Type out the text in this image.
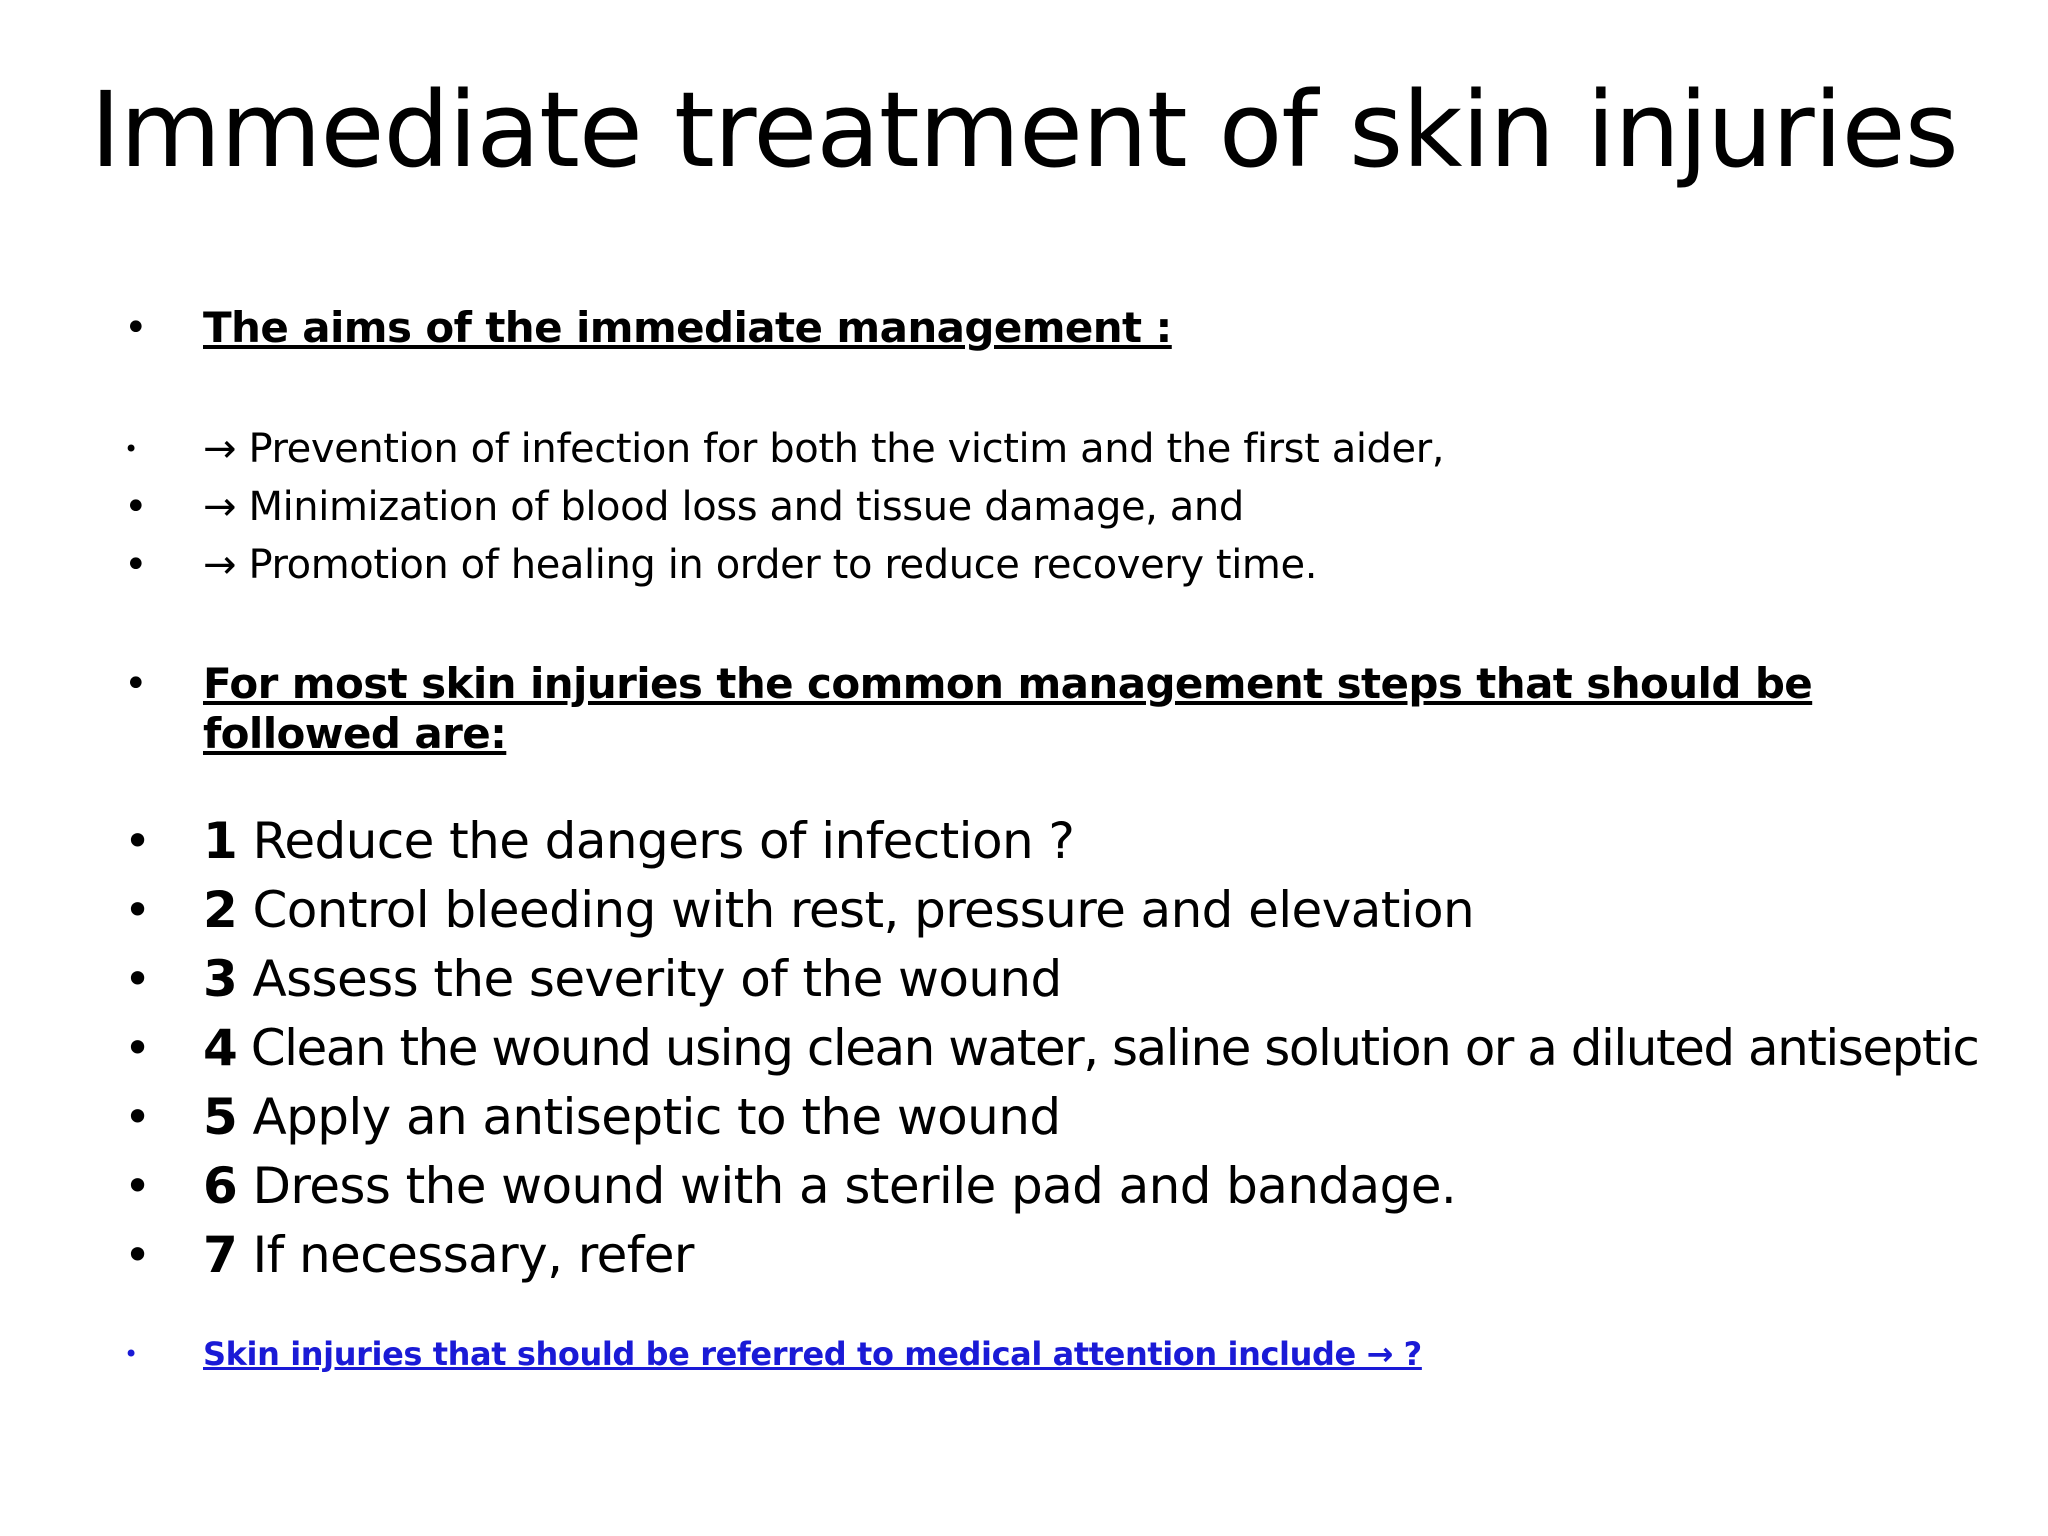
Immediate treatment of skin injuries
• The aims of the immediate management :
• → Prevention of infection for both the victim and the first aider,
• → Minimization of blood loss and tissue damage, and
• → Promotion of healing in order to reduce recovery time.
• For most skin injuries the common management steps that should be followed are:
• 1 Reduce the dangers of infection ?
• 2 Control bleeding with rest, pressure and elevation
• 3 Assess the severity of the wound
• 4 Clean the wound using clean water, saline solution or a diluted antiseptic
• 5 Apply an antiseptic to the wound
• 6 Dress the wound with a sterile pad and bandage.
• 7 If necessary, refer
• Skin injuries that should be referred to medical attention include → ?
